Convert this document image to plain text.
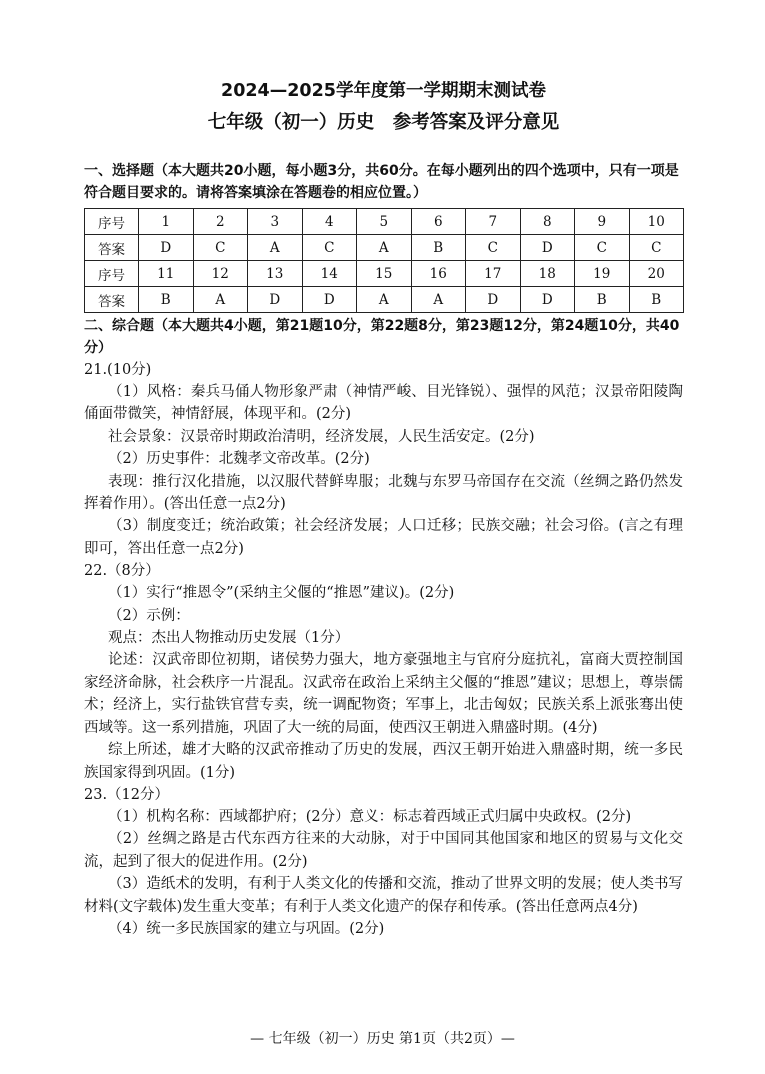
2024—2025学年度第一学期期末测试卷
七年级（初一）历史　参考答案及评分意见
一、选择题（本大题共20小题，每小题3分，共60分。在每小题列出的四个选项中，只有一项是符合题目要求的。请将答案填涂在答题卷的相应位置。）
序号	1	2	3	4	5	6	7	8	9	10
答案	D	C	A	C	A	B	C	D	C	C
序号	11	12	13	14	15	16	17	18	19	20
答案	B	A	D	D	A	A	D	D	B	B
二、综合题（本大题共4小题，第21题10分，第22题8分，第23题12分，第24题10分，共40分）
21.(10分)
（1）风格：秦兵马俑人物形象严肃（神情严峻、目光锋锐）、强悍的风范；汉景帝阳陵陶俑面带微笑，神情舒展，体现平和。(2分)
社会景象：汉景帝时期政治清明，经济发展，人民生活安定。(2分)
（2）历史事件：北魏孝文帝改革。(2分)
表现：推行汉化措施，以汉服代替鲜卑服；北魏与东罗马帝国存在交流（丝绸之路仍然发挥着作用）。(答出任意一点2分)
（3）制度变迁；统治政策；社会经济发展；人口迁移；民族交融；社会习俗。(言之有理即可，答出任意一点2分)
22.（8分）
（1）实行“推恩令”(采纳主父偃的“推恩”建议)。(2分)
（2）示例：
观点：杰出人物推动历史发展（1分）
论述：汉武帝即位初期，诸侯势力强大，地方豪强地主与官府分庭抗礼，富商大贾控制国家经济命脉，社会秩序一片混乱。汉武帝在政治上采纳主父偃的“推恩”建议；思想上，尊崇儒术；经济上，实行盐铁官营专卖，统一调配物资；军事上，北击匈奴；民族关系上派张骞出使西域等。这一系列措施，巩固了大一统的局面，使西汉王朝进入鼎盛时期。(4分)
综上所述，雄才大略的汉武帝推动了历史的发展，西汉王朝开始进入鼎盛时期，统一多民族国家得到巩固。(1分)
23.（12分）
（1）机构名称：西域都护府；(2分）意义：标志着西域正式归属中央政权。(2分)
（2）丝绸之路是古代东西方往来的大动脉，对于中国同其他国家和地区的贸易与文化交流，起到了很大的促进作用。(2分)
（3）造纸术的发明，有利于人类文化的传播和交流，推动了世界文明的发展；使人类书写材料(文字载体)发生重大变革；有利于人类文化遗产的保存和传承。(答出任意两点4分)
（4）统一多民族国家的建立与巩固。(2分)
— 七年级（初一）历史 第1页（共2页）—
